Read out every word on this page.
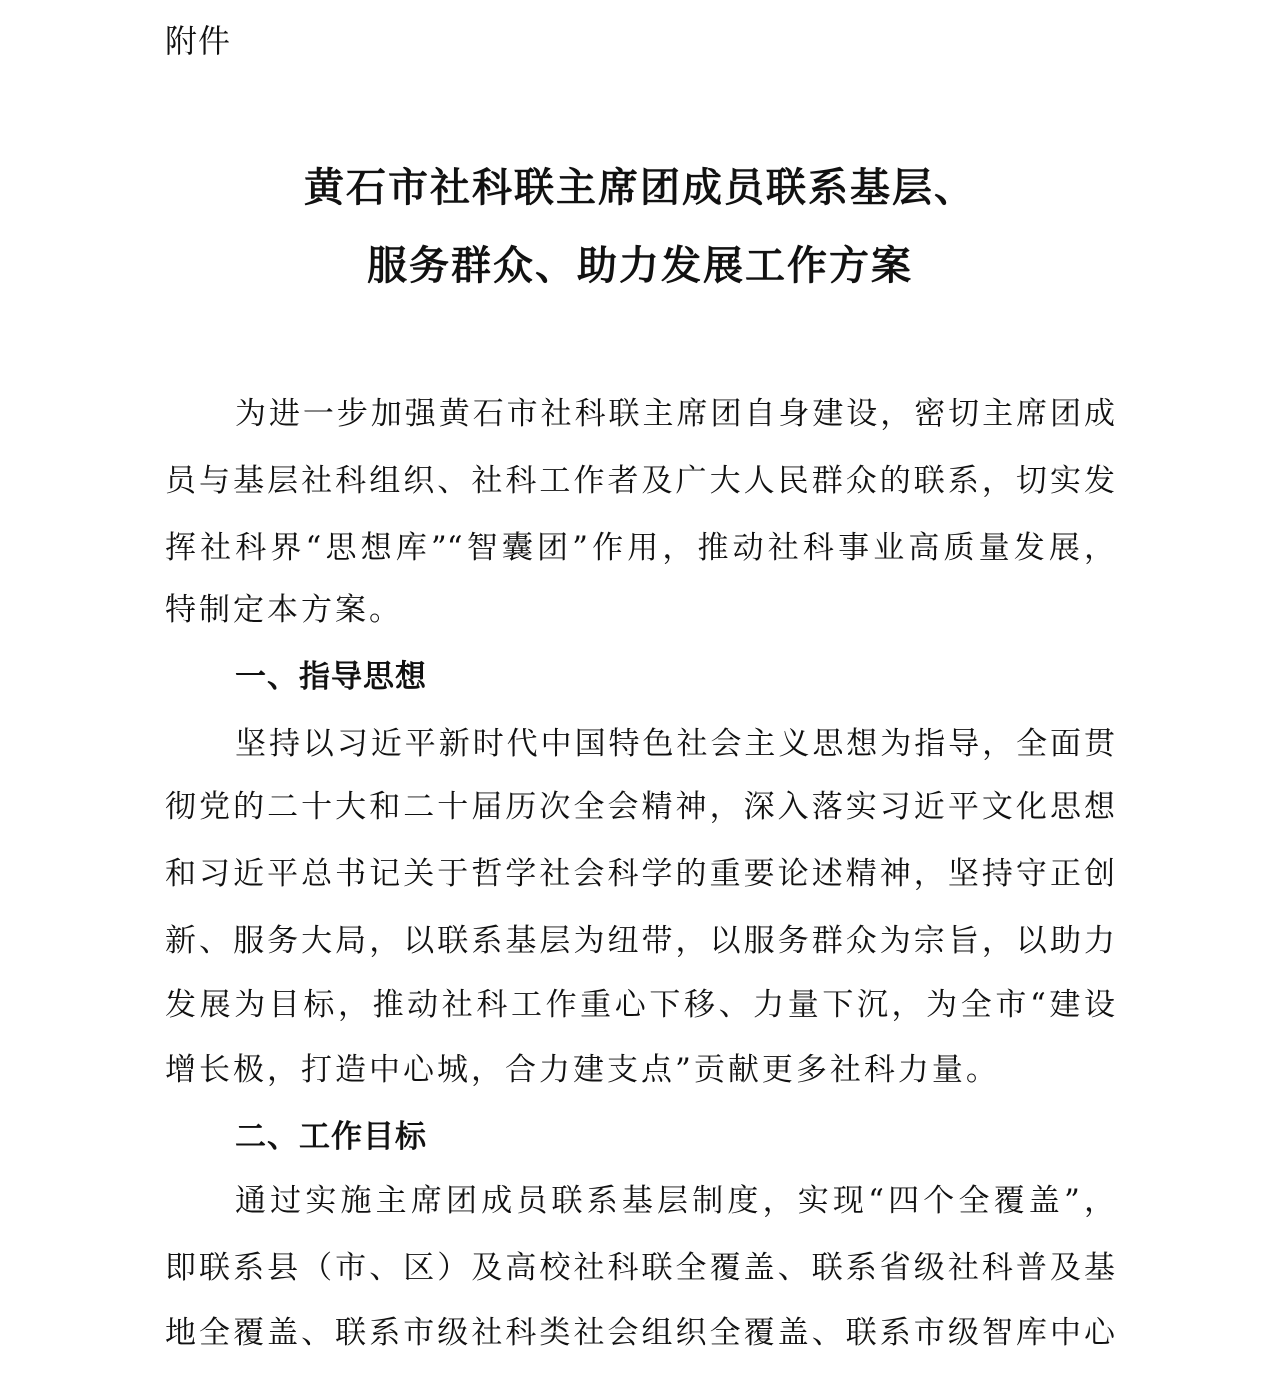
附件
黄石市社科联主席团成员联系基层、
服务群众、助力发展工作方案
为进一步加强黄石市社科联主席团自身建设，密切主席团成
员与基层社科组织、社科工作者及广大人民群众的联系，切实发
挥社科界“思想库”“智囊团”作用，推动社科事业高质量发展，
特制定本方案。
一、指导思想
坚持以习近平新时代中国特色社会主义思想为指导，全面贯
彻党的二十大和二十届历次全会精神，深入落实习近平文化思想
和习近平总书记关于哲学社会科学的重要论述精神，坚持守正创
新、服务大局，以联系基层为纽带，以服务群众为宗旨，以助力
发展为目标，推动社科工作重心下移、力量下沉，为全市“建设
增长极，打造中心城，合力建支点”贡献更多社科力量。
二、工作目标
通过实施主席团成员联系基层制度，实现“四个全覆盖”，
即联系县（市、区）及高校社科联全覆盖、联系省级社科普及基
地全覆盖、联系市级社科类社会组织全覆盖、联系市级智库中心
